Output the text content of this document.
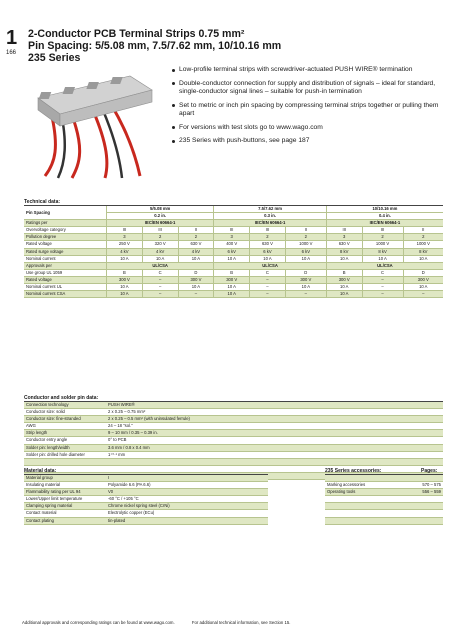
1
166
2-Conductor PCB Terminal Strips 0.75 mm²
Pin Spacing: 5/5.08 mm, 7.5/7.62 mm, 10/10.16 mm
235 Series
Low-profile terminal strips with screwdriver-actuated PUSH WIRE® termination
Double-conductor connection for supply and distribution of signals – ideal for standard, single-conductor signal lines – suitable for push-in termination
Set to metric or inch pin spacing by compressing terminal strips together or pulling them apart
For versions with test slots go to www.wago.com
235 Series with push-buttons, see page 187
Technical data:
Pin Spacing	5/5.08 mm			7.5/7.62 mm			10/10.16 mm		
	0.2 in.			0.3 in.			0.4 in.		
Ratings per	IEC/EN 60664-1			IEC/EN 60664-1			IEC/EN 60664-1		
Overvoltage category	III	III	II	III	III	II	III	III	II
Pollution degree	3	2	2	3	2	2	3	2	2
Rated voltage	250 V	320 V	630 V	400 V	630 V	1000 V	630 V	1000 V	1000 V
Rated surge voltage	4 kV	4 kV	4 kV	6 kV	6 kV	6 kV	8 kV	8 kV	8 kV
Nominal current	10 A	10 A	10 A	10 A	10 A	10 A	10 A	10 A	10 A
Approvals per	UL/CSA			UL/CSA			UL/CSA		
Use group UL 1059	B	C	D	B	C	D	B	C	D
Rated voltage	300 V	–	300 V	300 V	–	300 V	300 V	–	300 V
Nominal current UL	10 A	–	10 A	10 A	–	10 A	10 A	–	10 A
Nominal current CSA	10 A	–	–	10 A	–	–	10 A	–	–
Conductor and solder pin data:
Connection technology	PUSH WIRE®
Conductor size: solid	2 x 0.25 – 0.75 mm²
Conductor size: fine-stranded	2 x 0.25 – 0.5 mm² (with uninsulated ferrule)
AWG	24 – 18 "sol."
Strip length	9 – 10 mm / 0.35 – 0.39 in.
Conductor entry angle	0° to PCB
Solder pin: length/width	3.6 mm / 0.8 x 0.4 mm
Solder pin: drilled hole diameter	1⁺⁰·¹ mm

Material data:
Material group	I
Insulating material	Polyamide 6.6 (PA 6.6)
Flammability rating per UL 94	V0
Lower/Upper limit temperature	-60 °C / +105 °C
Clamping spring material	Chrome nickel spring steel (CrNi)
Contact material	Electrolytic copper (ECu)
Contact plating	tin-plated
235 Series accessories:	Pages:

Marking accessories	570 – 575
Operating tools	556 – 559

Additional approvals and corresponding ratings can be found at www.wago.com.	For additional technical information, see Section 15.
